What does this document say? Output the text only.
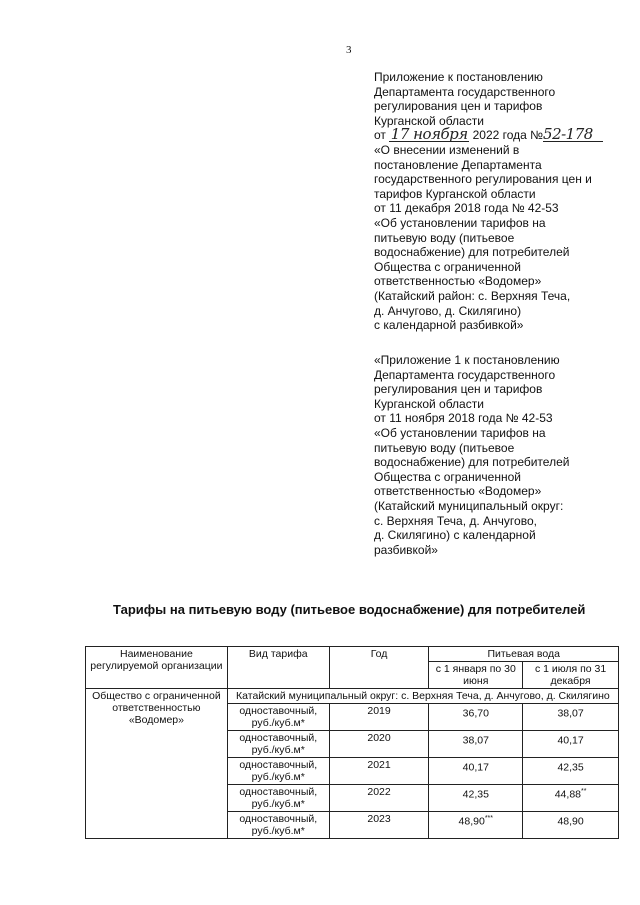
3
Приложение к постановлению
Департамента государственного
регулирования цен и тарифов
Курганской области
от 17 ноября 2022 года №52-178
«О внесении изменений в
постановление Департамента
государственного регулирования цен и
тарифов Курганской области
от 11 декабря 2018 года № 42-53
«Об установлении тарифов на
питьевую воду (питьевое
водоснабжение) для потребителей
Общества с ограниченной
ответственностью «Водомер»
(Катайский район: с. Верхняя Теча,
д. Анчугово, д. Скилягино)
с календарной разбивкой»
«Приложение 1 к постановлению
Департамента государственного
регулирования цен и тарифов
Курганской области
от 11 ноября 2018 года № 42-53
«Об установлении тарифов на
питьевую воду (питьевое
водоснабжение) для потребителей
Общества с ограниченной
ответственностью «Водомер»
(Катайский муниципальный округ:
с. Верхняя Теча, д. Анчугово,
д. Скилягино) с календарной
разбивкой»
Тарифы на питьевую воду (питьевое водоснабжение) для потребителей
Наименование регулируемой организации	Вид тарифа	Год	Питьевая вода	
			с 1 января по 30 июня	с 1 июля по 31 декабря
Общество с ограниченной ответственностью «Водомер»	Катайский муниципальный округ: с. Верхняя Теча, д. Анчугово, д. Скилягино			
	одноставочный, руб./куб.м*	2019	36,70	38,07
	одноставочный, руб./куб.м*	2020	38,07	40,17
	одноставочный, руб./куб.м*	2021	40,17	42,35
	одноставочный, руб./куб.м*	2022	42,35	44,88**
	одноставочный, руб./куб.м*	2023	48,90***	48,90
